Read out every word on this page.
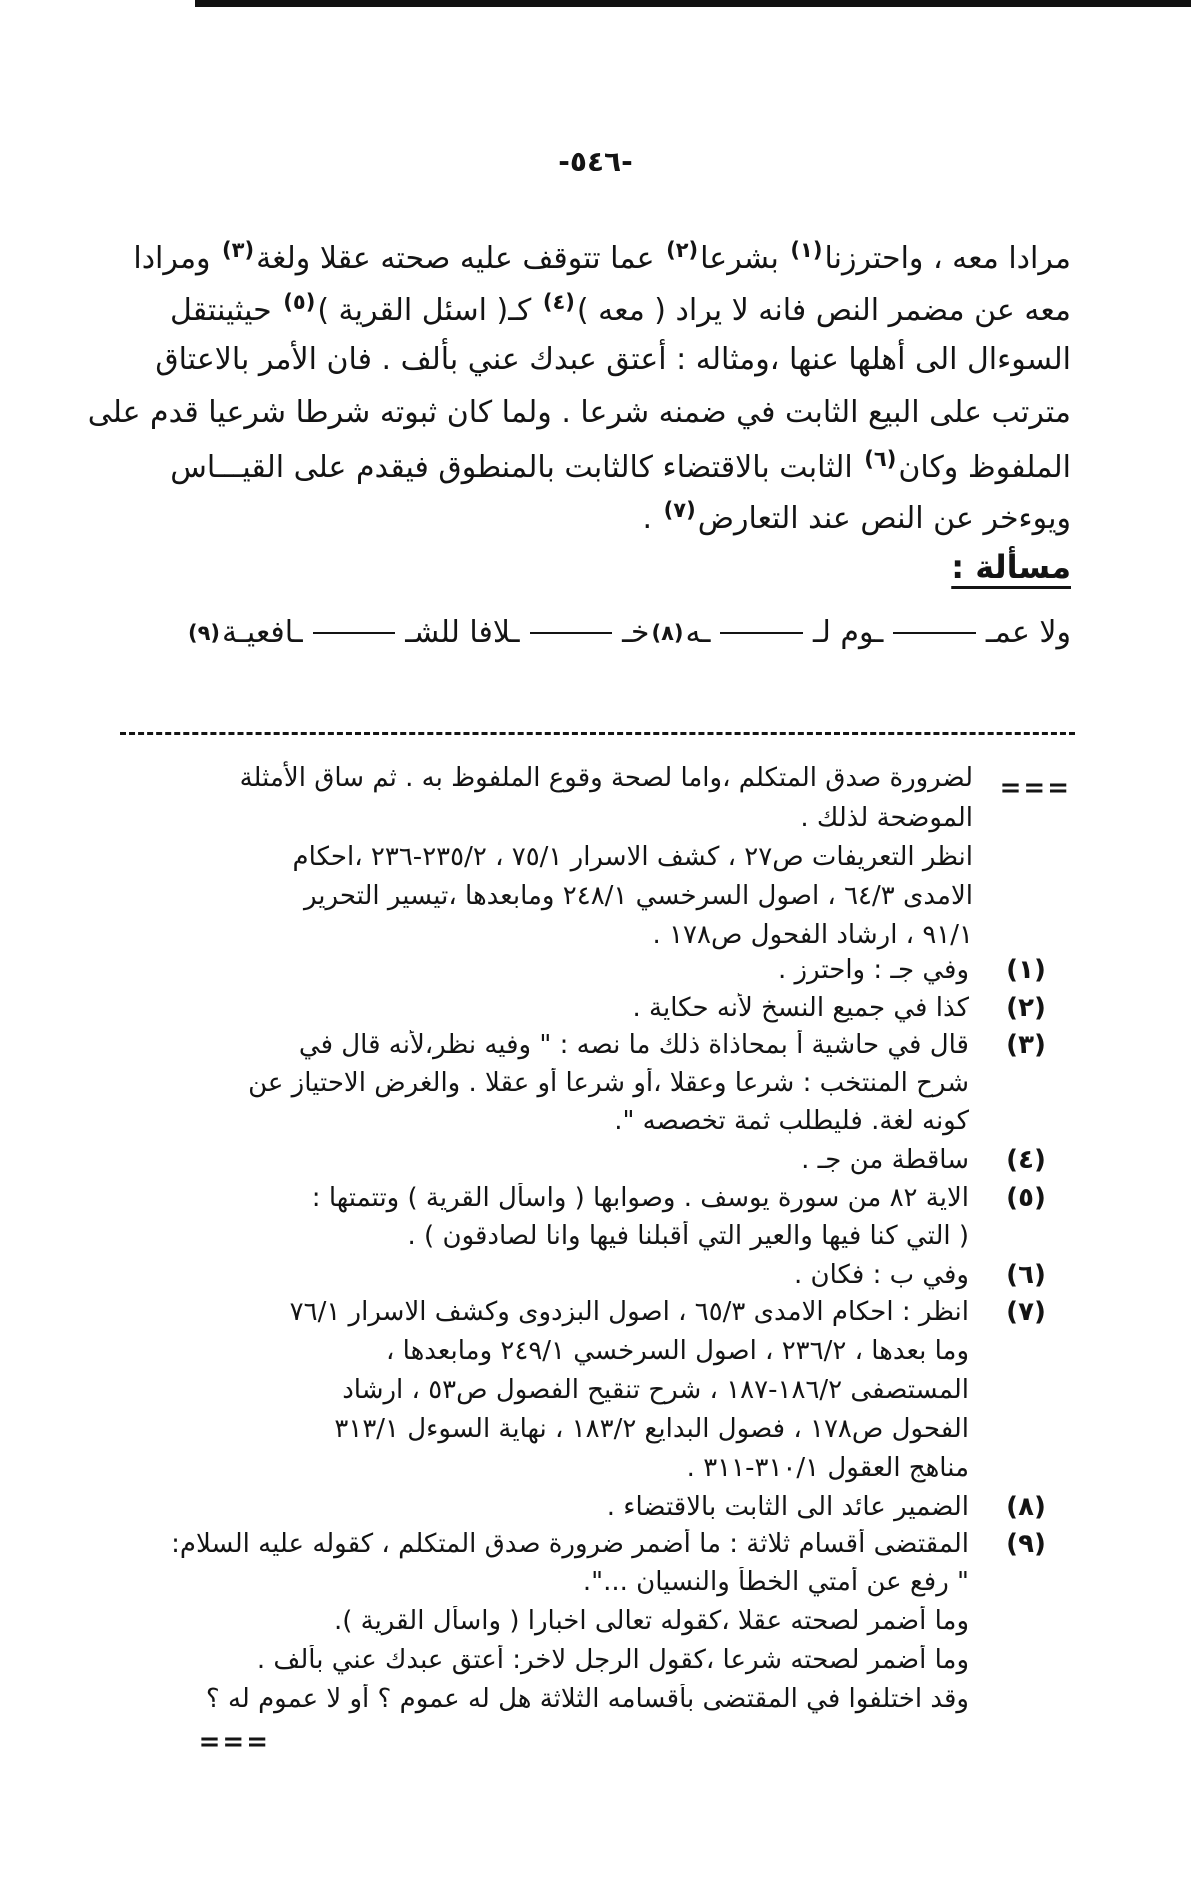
-٥٤٦-
مرادا معه ، واحترزنا$^{(١)}$ بشرعا$^{(٢)}$ عما تتوقف عليه صحته عقلا ولغة$^{(٣)}$ ومرادا
معه عن مضمر النص فانه لا يراد ( معه )$^{(٤)}$ كـ( اسئل القرية )$^{(٥)}$ حيثينتقل
السوءال الى أهلها عنها ،ومثاله : أعتق عبدك عني بألف . فان الأمر بالاعتاق
مترتب على البيع الثابت في ضمنه شرعا . ولما كان ثبوته شرطا شرعيا قدم على
الملفوظ وكان$^{(٦)}$ الثابت بالاقتضاء كالثابت بالمنطوق فيقدم على القيـــاس
ويوءخر عن النص عند التعارض$^{(٧)}$ .
مسألة :
ولا عمـ
ـوم لـ
ـه
(٨)
خـ
ـلافا للشـ
ـافعيـة
(٩)
===
لضرورة صدق المتكلم ،واما لصحة وقوع الملفوظ به . ثم ساق الأمثلة
الموضحة لذلك .
انظر التعريفات ص٢٧ ، كشف الاسرار ٧٥/١ ، ٢٣٥/٢-٢٣٦ ،احكام
الامدى ٦٤/٣ ، اصول السرخسي ٢٤٨/١ ومابعدها ،تيسير التحرير
٩١/١ ، ارشاد الفحول ص١٧٨ .
(١)
وفي جـ : واحترز .
(٢)
كذا في جميع النسخ لأنه حكاية .
(٣)
قال في حاشية أ بمحاذاة ذلك ما نصه : " وفيه نظر،لأنه قال في
شرح المنتخب : شرعا وعقلا ،أو شرعا أو عقلا . والغرض الاحتياز عن
كونه لغة. فليطلب ثمة تخصصه ".
(٤)
ساقطة من جـ .
(٥)
الاية ٨٢ من سورة يوسف . وصوابها ( واسأل القرية ) وتتمتها :
( التي كنا فيها والعير التي أقبلنا فيها وانا لصادقون ) .
(٦)
وفي ب : فكان .
(٧)
انظر : احكام الامدى ٦٥/٣ ، اصول البزدوى وكشف الاسرار ٧٦/١
وما بعدها ، ٢٣٦/٢ ، اصول السرخسي ٢٤٩/١ ومابعدها ،
المستصفى ١٨٦/٢-١٨٧ ، شرح تنقيح الفصول ص٥٣ ، ارشاد
الفحول ص١٧٨ ، فصول البدايع ١٨٣/٢ ، نهاية السوءل ٣١٣/١
مناهج العقول ٣١٠/١-٣١١ .
(٨)
الضمير عائد الى الثابت بالاقتضاء .
(٩)
المقتضى أقسام ثلاثة : ما أضمر ضرورة صدق المتكلم ، كقوله عليه السلام:
" رفع عن أمتي الخطأ والنسيان ...".
وما أضمر لصحته عقلا ،كقوله تعالى اخبارا ( واسأل القرية ).
وما أضمر لصحته شرعا ،كقول الرجل لاخر: أعتق عبدك عني بألف .
وقد اختلفوا في المقتضى بأقسامه الثلاثة هل له عموم ؟ أو لا عموم له ؟
===
